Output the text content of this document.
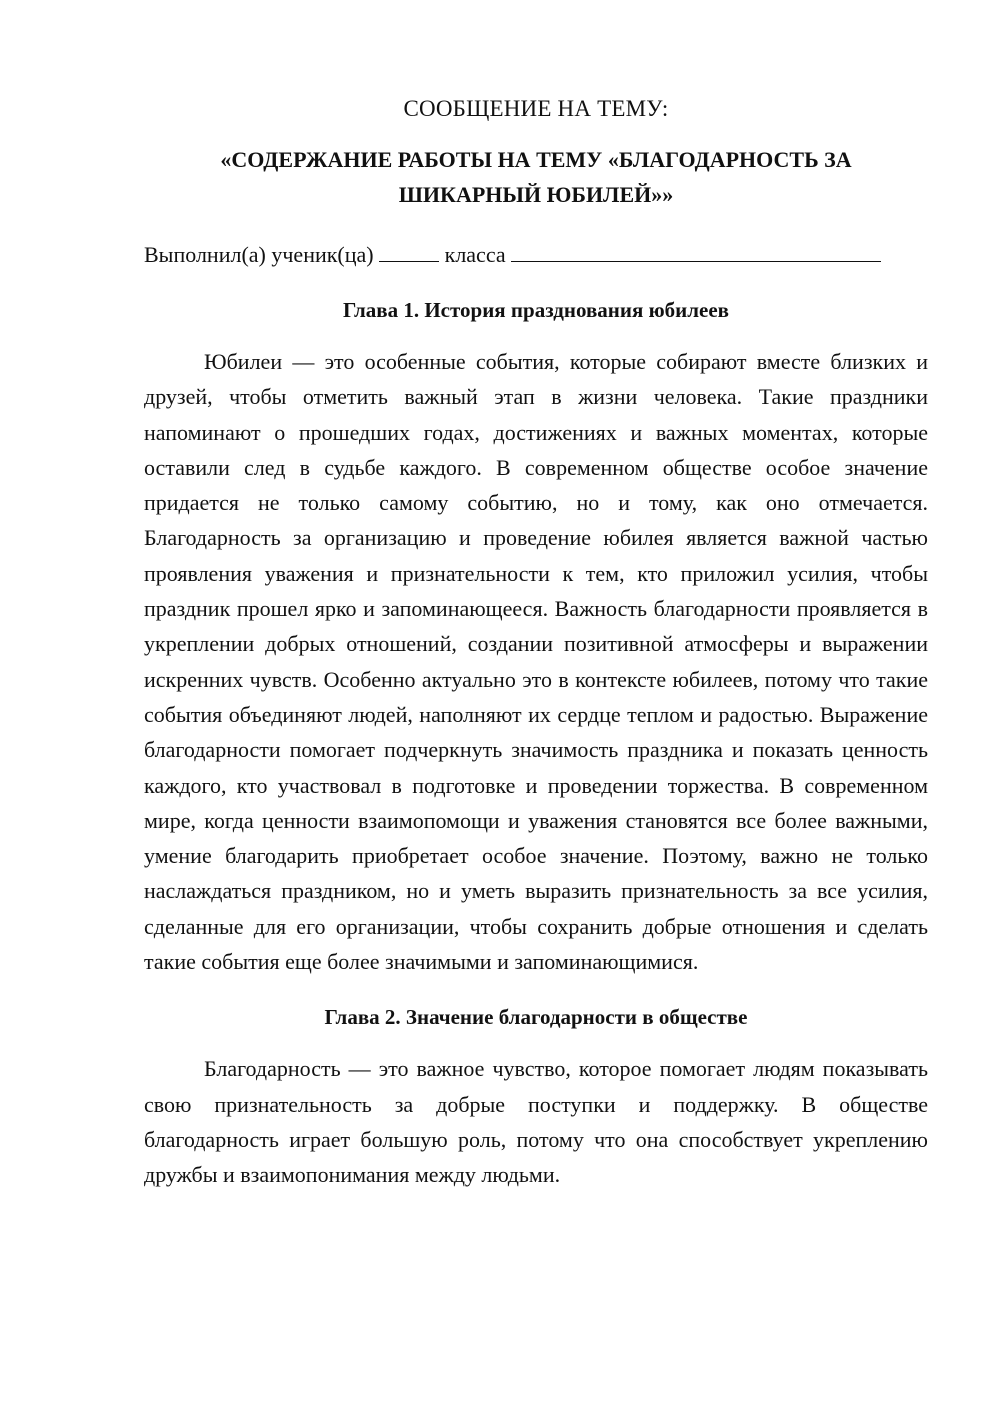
СООБЩЕНИЕ НА ТЕМУ:

«СОДЕРЖАНИЕ РАБОТЫ НА ТЕМУ «БЛАГОДАРНОСТЬ ЗА
ШИКАРНЫЙ ЮБИЛЕЙ»»

Выполнил(а) ученик(ца)	класса

Глава 1. История празднования юбилеев

Юбилеи — это особенные события, которые собирают вместе близких и друзей, чтобы отметить важный этап в жизни человека. Такие праздники напоминают о прошедших годах, достижениях и важных моментах, которые оставили след в судьбе каждого. В современном обществе особое значение придается не только самому событию, но и тому, как оно отмечается. Благодарность за организацию и проведение юбилея является важной частью проявления уважения и признательности к тем, кто приложил усилия, чтобы праздник прошел ярко и запоминающееся. Важность благодарности проявляется в укреплении добрых отношений, создании позитивной атмосферы и выражении искренних чувств. Особенно актуально это в контексте юбилеев, потому что такие события объединяют людей, наполняют их сердце теплом и радостью. Выражение благодарности помогает подчеркнуть значимость праздника и показать ценность каждого, кто участвовал в подготовке и проведении торжества. В современном мире, когда ценности взаимопомощи и уважения становятся все более важными, умение благодарить приобретает особое значение. Поэтому, важно не только наслаждаться праздником, но и уметь выразить признательность за все усилия, сделанные для его организации, чтобы сохранить добрые отношения и сделать такие события еще более значимыми и запоминающимися.

Глава 2. Значение благодарности в обществе

Благодарность — это важное чувство, которое помогает людям показывать свою признательность за добрые поступки и поддержку. В обществе благодарность играет большую роль, потому что она способствует укреплению дружбы и взаимопонимания между людьми.
